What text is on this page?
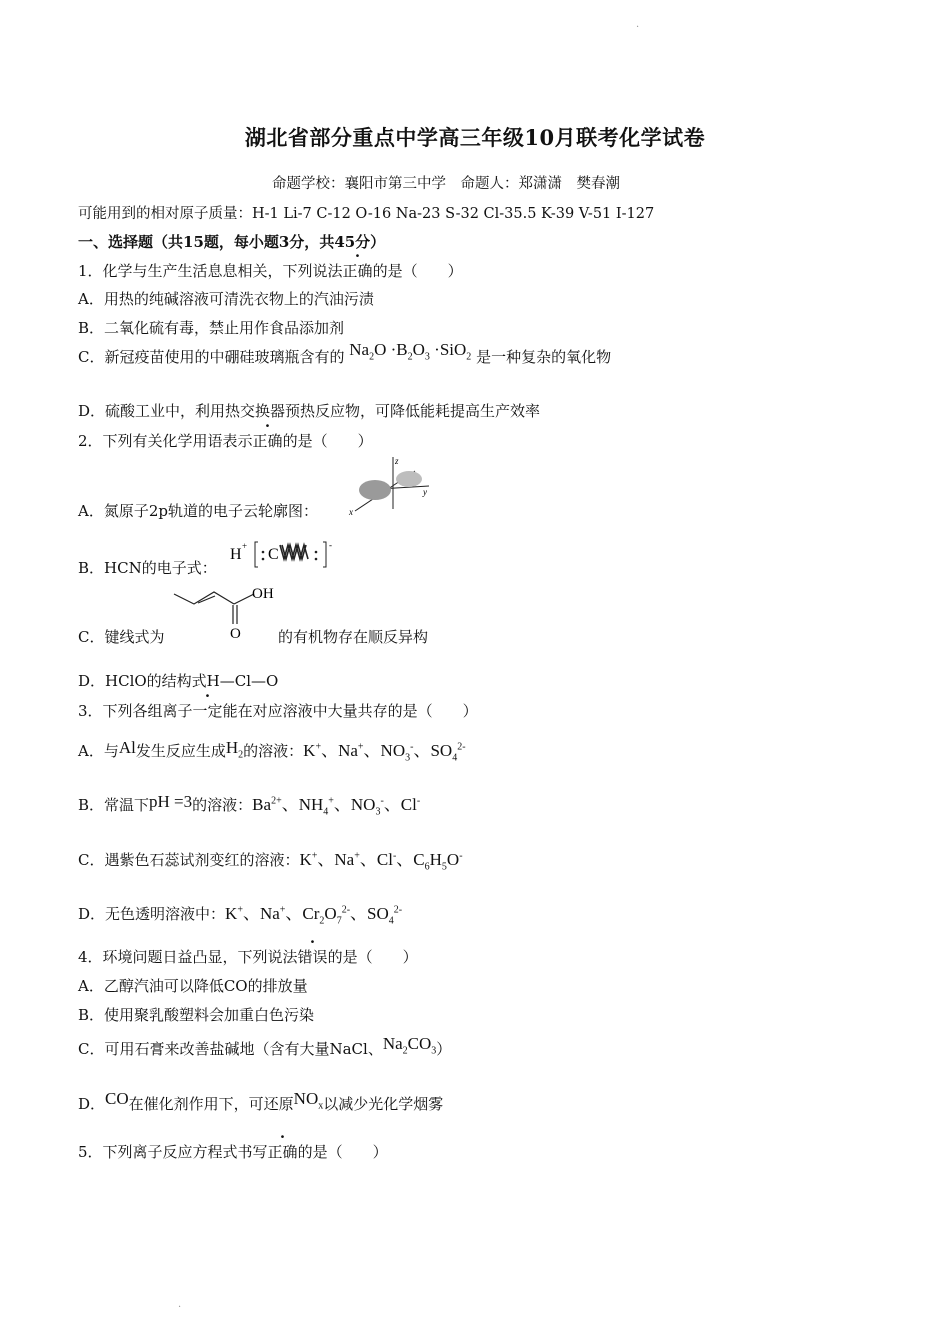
·
湖北省部分重点中学高三年级10月联考化学试卷
命题学校：襄阳市第三中学　命题人：郑潇潇　樊春潮
可能用到的相对原子质量：H-1 Li-7 C-12 O-16 Na-23 S-32 Cl-35.5 K-39 V-51 I-127
一、选择题（共15题，每小题3分，共45分）
1．化学与生产生活息息相关，下列说法正确的是（　　）
A．用热的纯碱溶液可清洗衣物上的汽油污渍
B．二氧化硫有毒，禁止用作食品添加剂
C．新冠疫苗使用的中硼硅玻璃瓶含有的 $Na_2O \cdot B_2O_3 \cdot SiO_2$ 是一种复杂的氧化物
D．硫酸工业中，利用热交换器预热反应物，可降低能耗提高生产效率
2．下列有关化学用语表示正确的是（　　）
A．氮原子2p轨道的电子云轮廓图：
z
y
x
B．HCN的电子式：
H + C
-
C．键线式为	的有机物存在顺反异构
OH
O
D．HClO的结构式H—Cl—O
3．下列各组离子一定能在对应溶液中大量共存的是（　　）
A．与Al发生反应生成$H_2$的溶液：K+、Na+、$NO_3^-$、$SO_4^{2-}$
B．常温下pH =3的溶液：$Ba^{2+}$、$NH_4^+$、$NO_3^-$、Cl-
C．遇紫色石蕊试剂变红的溶液：K+、Na+、Cl-、$C_6H_5O^-$
D．无色透明溶液中：K+、Na+、$Cr_2O_7^{2-}$、$SO_4^{2-}$
4．环境问题日益凸显，下列说法错误的是（　　）
A．乙醇汽油可以降低CO的排放量
B．使用聚乳酸塑料会加重白色污染
C．可用石膏来改善盐碱地（含有大量NaCl、$Na_2CO_3$）
D．CO在催化剂作用下，可还原$NO_x$以减少光化学烟雾
5．下列离子反应方程式书写正确的是（　　）
·
